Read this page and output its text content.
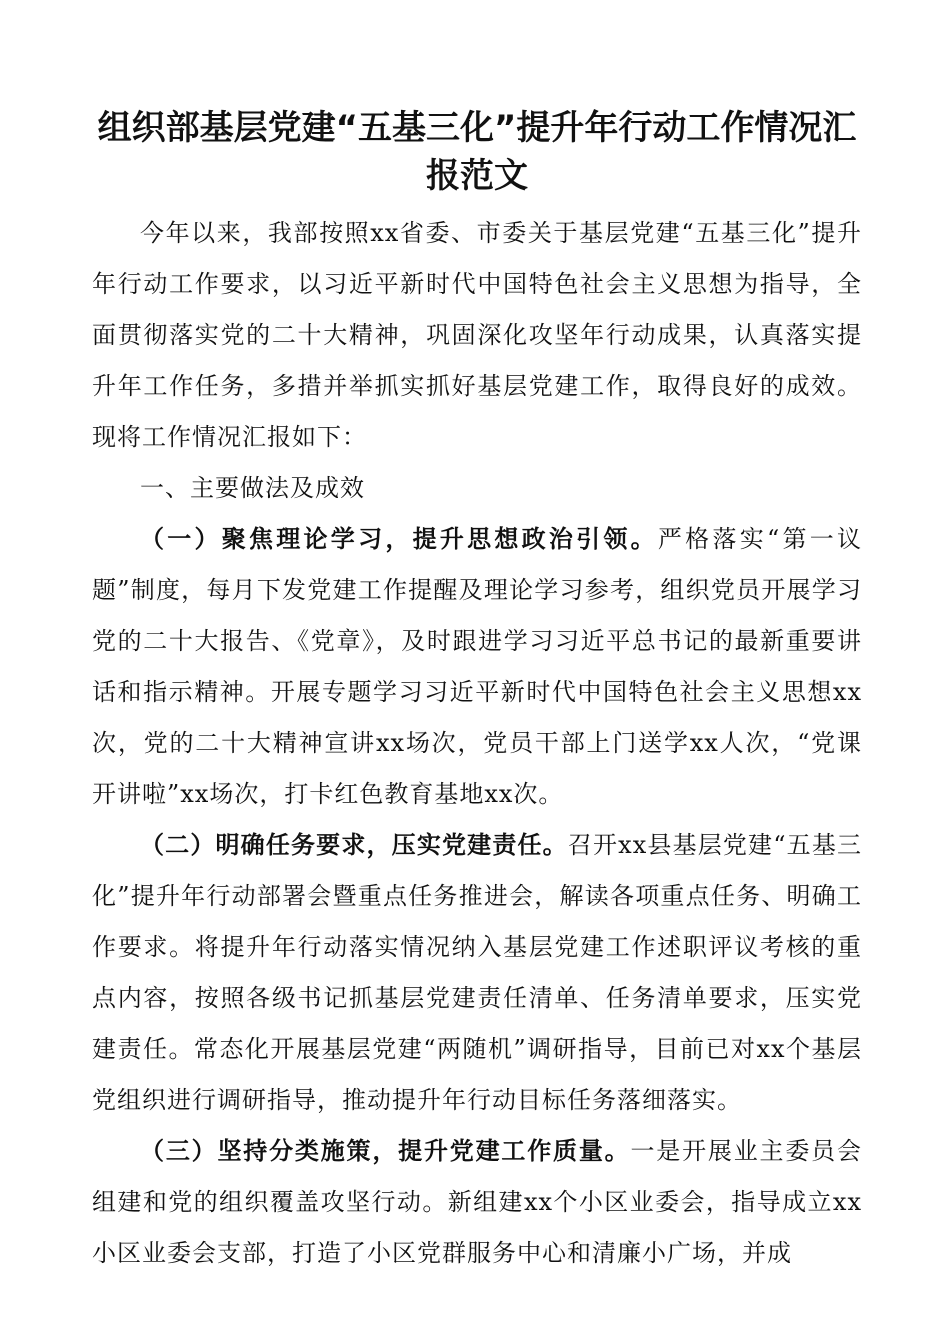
组织部基层党建“五基三化”提升年行动工作情况汇报范文

今年以来，我部按照xx省委、市委关于基层党建“五基三化”提升年行动工作要求，以习近平新时代中国特色社会主义思想为指导，全面贯彻落实党的二十大精神，巩固深化攻坚年行动成果，认真落实提升年工作任务，多措并举抓实抓好基层党建工作，取得良好的成效。现将工作情况汇报如下：

一、主要做法及成效

（一）聚焦理论学习，提升思想政治引领。严格落实“第一议题”制度，每月下发党建工作提醒及理论学习参考，组织党员开展学习党的二十大报告、《党章》，及时跟进学习习近平总书记的最新重要讲话和指示精神。开展专题学习习近平新时代中国特色社会主义思想xx次，党的二十大精神宣讲xx场次，党员干部上门送学xx人次，“党课开讲啦”xx场次，打卡红色教育基地xx次。

（二）明确任务要求，压实党建责任。召开xx县基层党建“五基三化”提升年行动部署会暨重点任务推进会，解读各项重点任务、明确工作要求。将提升年行动落实情况纳入基层党建工作述职评议考核的重点内容，按照各级书记抓基层党建责任清单、任务清单要求，压实党建责任。常态化开展基层党建“两随机”调研指导，目前已对xx个基层党组织进行调研指导，推动提升年行动目标任务落细落实。

（三）坚持分类施策，提升党建工作质量。一是开展业主委员会组建和党的组织覆盖攻坚行动。新组建xx个小区业委会，指导成立xx小区业委会支部，打造了小区党群服务中心和清廉小广场，并成
